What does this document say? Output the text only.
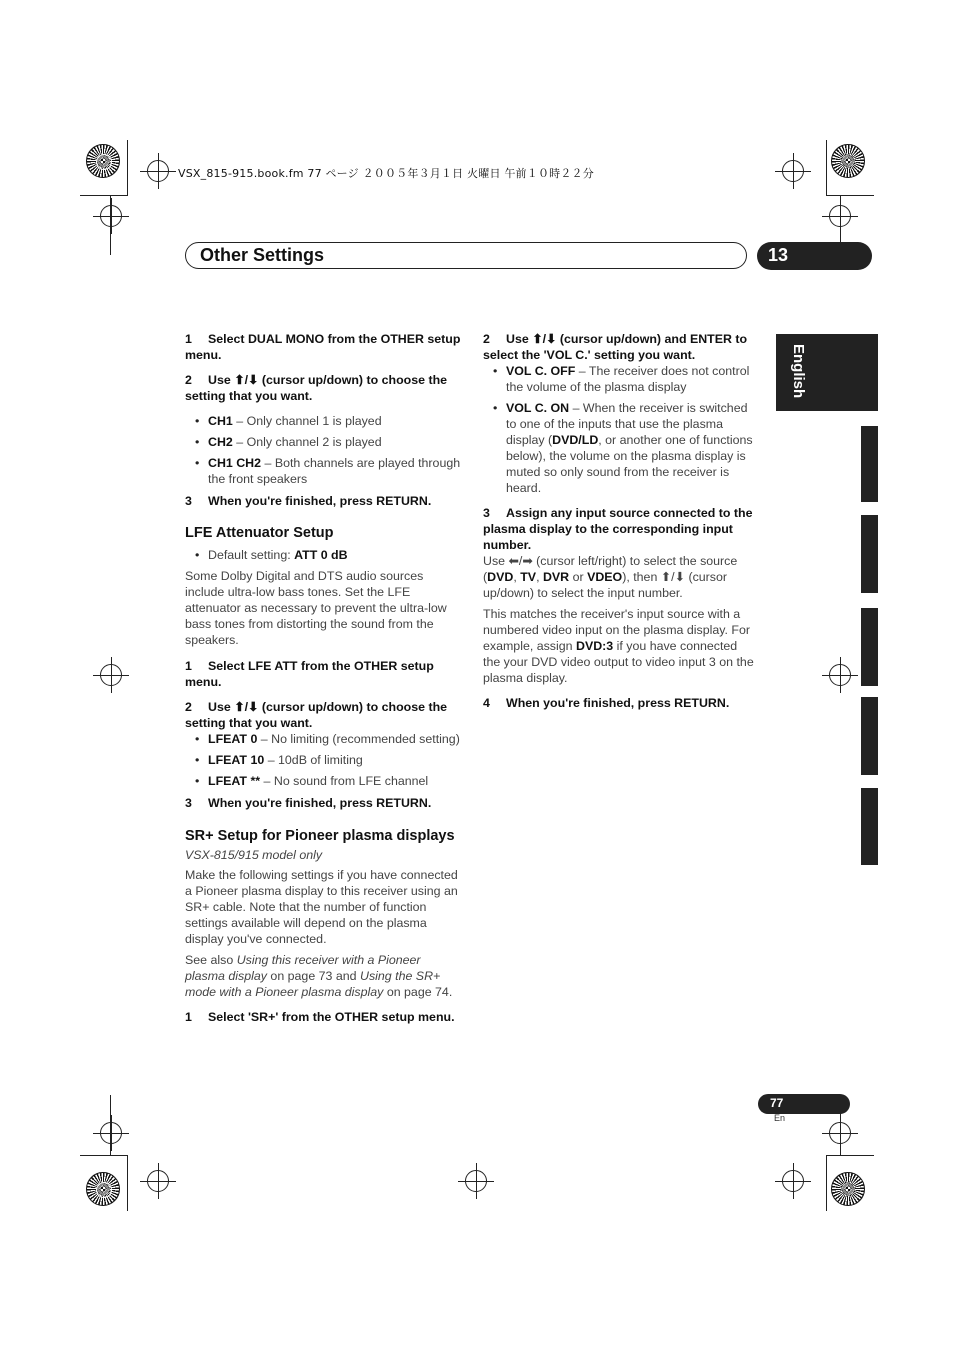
VSX_815-915.book.fm 77 ページ ２００５年３月１日 火曜日 午前１０時２２分
Other Settings	13
English
1 Select DUAL MONO from the OTHER setup menu.
2 Use ⬆/⬇ (cursor up/down) to choose the setting that you want.
• CH1 – Only channel 1 is played
• CH2 – Only channel 2 is played
• CH1 CH2 – Both channels are played through the front speakers
3 When you're finished, press RETURN.
LFE Attenuator Setup
• Default setting: ATT 0 dB
Some Dolby Digital and DTS audio sources include ultra-low bass tones. Set the LFE attenuator as necessary to prevent the ultra-low bass tones from distorting the sound from the speakers.
1 Select LFE ATT from the OTHER setup menu.
2 Use ⬆/⬇ (cursor up/down) to choose the setting that you want.
• LFEAT 0 – No limiting (recommended setting)
• LFEAT 10 – 10dB of limiting
• LFEAT ** – No sound from LFE channel
3 When you're finished, press RETURN.
SR+ Setup for Pioneer plasma displays
VSX-815/915 model only
Make the following settings if you have connected a Pioneer plasma display to this receiver using an SR+ cable. Note that the number of function settings available will depend on the plasma display you've connected.
See also Using this receiver with a Pioneer plasma display on page 73 and Using the SR+ mode with a Pioneer plasma display on page 74.
1 Select 'SR+' from the OTHER setup menu.
2 Use ⬆/⬇ (cursor up/down) and ENTER to select the 'VOL C.' setting you want.
• VOL C. OFF – The receiver does not control the volume of the plasma display
• VOL C. ON – When the receiver is switched to one of the inputs that use the plasma display (DVD/LD, or another one of functions below), the volume on the plasma display is muted so only sound from the receiver is heard.
3 Assign any input source connected to the plasma display to the corresponding input number.
Use ⬅/➡ (cursor left/right) to select the source (DVD, TV, DVR or VDEO), then ⬆/⬇ (cursor up/down) to select the input number.
This matches the receiver's input source with a numbered video input on the plasma display. For example, assign DVD:3 if you have connected the your DVD video output to video input 3 on the plasma display.
4 When you're finished, press RETURN.
77
En
